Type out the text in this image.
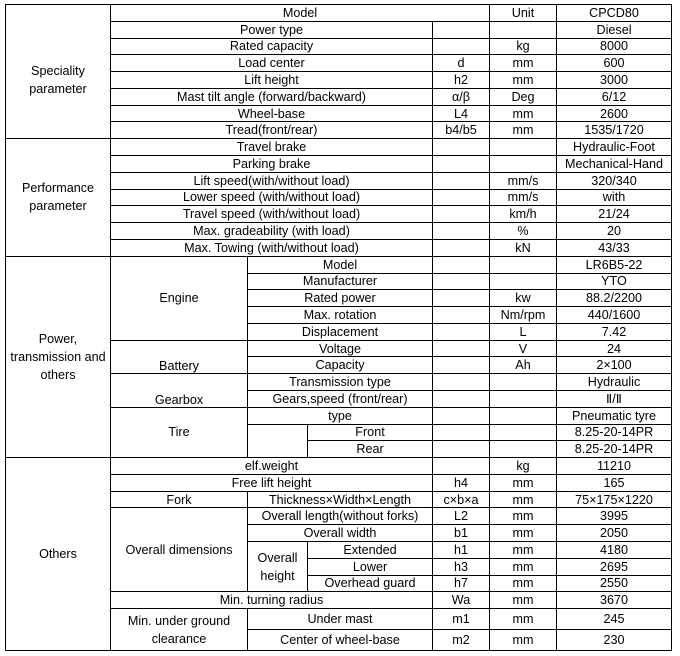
	Model				Unit	CPCD80
Speciality parameter	Power type					Diesel
	Rated capacity				kg	8000
	Load center			d	mm	600
	Lift height			h2	mm	3000
	Mast tilt angle (forward/backward)			α/β	Deg	6/12
	Wheel-base			L4	mm	2600
	Tread(front/rear)			b4/b5	mm	1535/1720
Performance parameter	Travel brake					Hydraulic-Foot
	Parking brake					Mechanical-Hand
	Lift speed(with/without load)				mm/s	320/340
	Lower speed (with/without load)				mm/s	with
	Travel speed (with/without load)				km/h	21/24
	Max. gradeability (with load)				%	20
	Max. Towing (with/without load)				kN	43/33
Power, transmission and others	Engine	Model				LR6B5-22
		Manufacturer				YTO
		Rated power			kw	88.2/2200
		Max. rotation			Nm/rpm	440/1600
		Displacement			L	7.42
	Battery	Voltage			V	24
		Capacity			Ah	2×100
	Gearbox	Transmission type				Hydraulic
		Gears,speed (front/rear)				Ⅱ/Ⅱ
	Tire	type				Pneumatic tyre
			Front			8.25-20-14PR
			Rear			8.25-20-14PR
Others	elf.weight				kg	11210
	Free lift height			h4	mm	165
	Fork	Thickness×Width×Length		c×b×a	mm	75×175×1220
	Overall dimensions	Overall length(without forks)		L2	mm	3995
		Overall width		b1	mm	2050
		Overall height	Extended	h1	mm	4180
			Lower	h3	mm	2695
			Overhead guard	h7	mm	2550
	Min. turning radius			Wa	mm	3670
	Min. under ground clearance	Under mast		m1	mm	245
		Center of wheel-base		m2	mm	230
